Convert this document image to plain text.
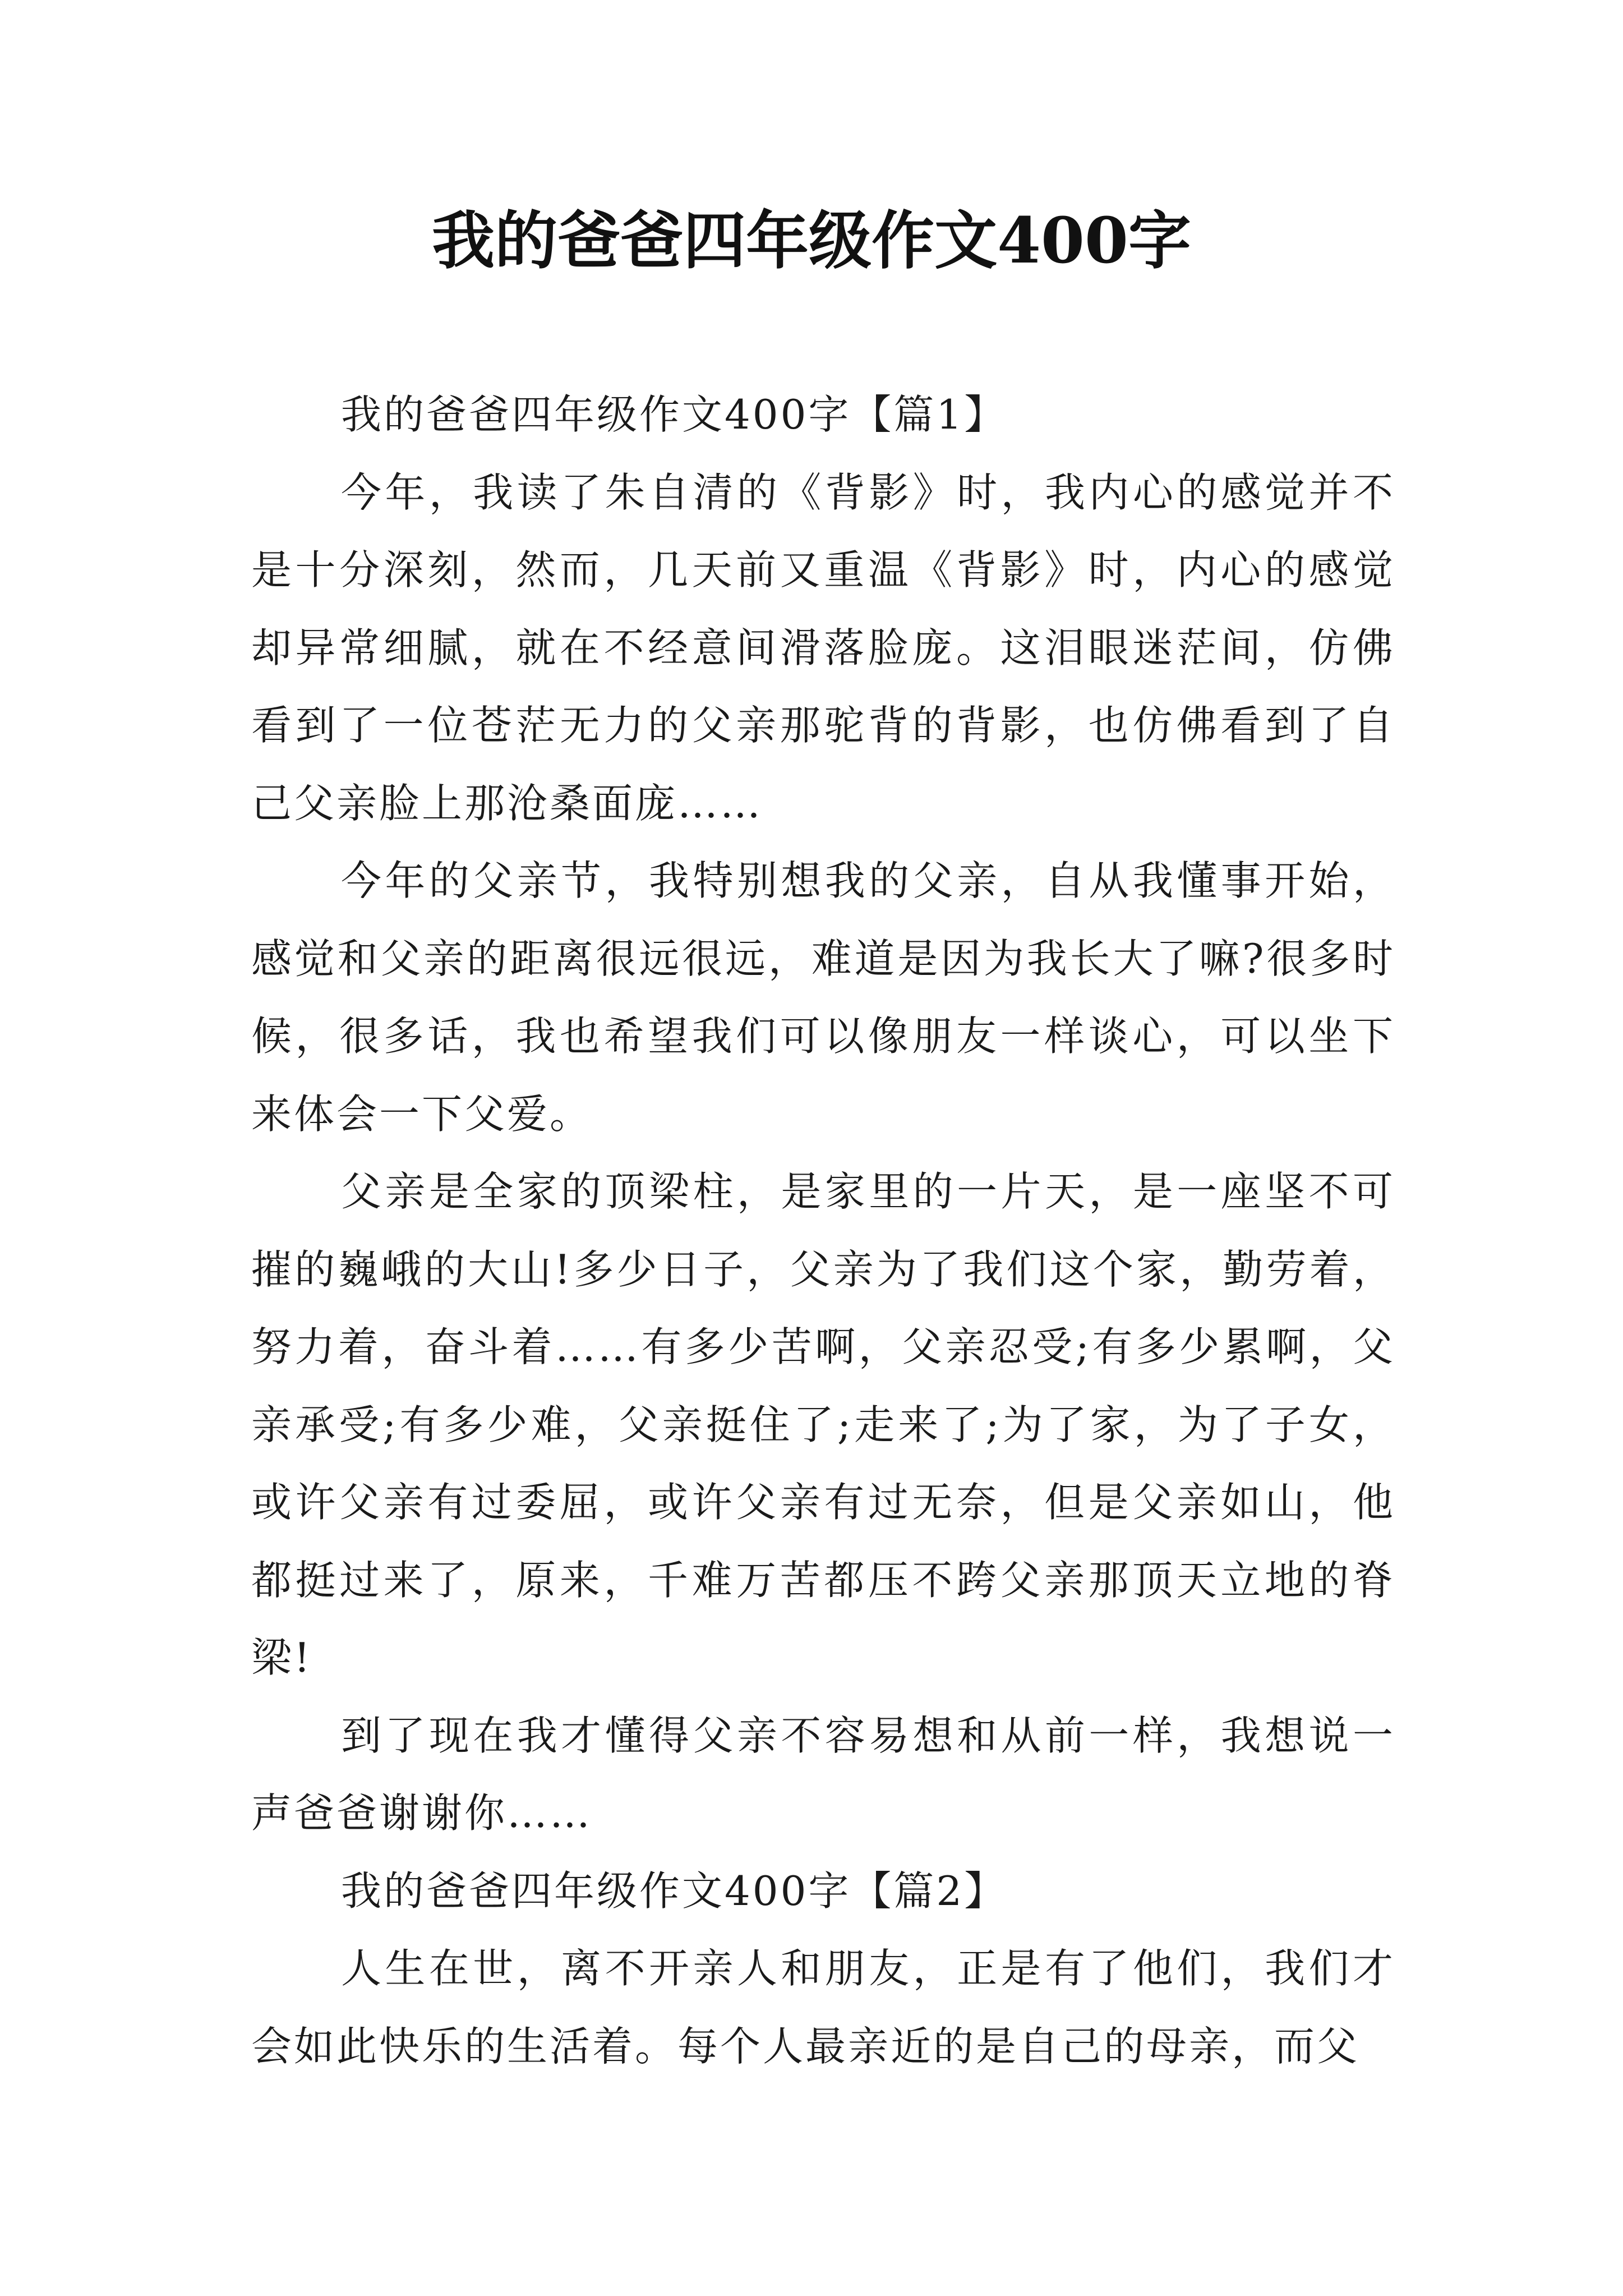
我的爸爸四年级作文400字

我的爸爸四年级作文400字【篇1】

今年，我读了朱自清的《背影》时，我内心的感觉并不是十分深刻，然而，几天前又重温《背影》时，内心的感觉却异常细腻，就在不经意间滑落脸庞。这泪眼迷茫间，仿佛看到了一位苍茫无力的父亲那驼背的背影，也仿佛看到了自己父亲脸上那沧桑面庞……

今年的父亲节，我特别想我的父亲，自从我懂事开始，感觉和父亲的距离很远很远，难道是因为我长大了嘛?很多时候，很多话，我也希望我们可以像朋友一样谈心，可以坐下来体会一下父爱。

父亲是全家的顶梁柱，是家里的一片天，是一座坚不可摧的巍峨的大山!多少日子，父亲为了我们这个家，勤劳着，努力着，奋斗着……有多少苦啊，父亲忍受;有多少累啊，父亲承受;有多少难，父亲挺住了;走来了;为了家，为了子女，或许父亲有过委屈，或许父亲有过无奈，但是父亲如山，他都挺过来了，原来，千难万苦都压不跨父亲那顶天立地的脊梁!

到了现在我才懂得父亲不容易想和从前一样，我想说一声爸爸谢谢你……

我的爸爸四年级作文400字【篇2】

人生在世，离不开亲人和朋友，正是有了他们，我们才会如此快乐的生活着。每个人最亲近的是自己的母亲，而父
